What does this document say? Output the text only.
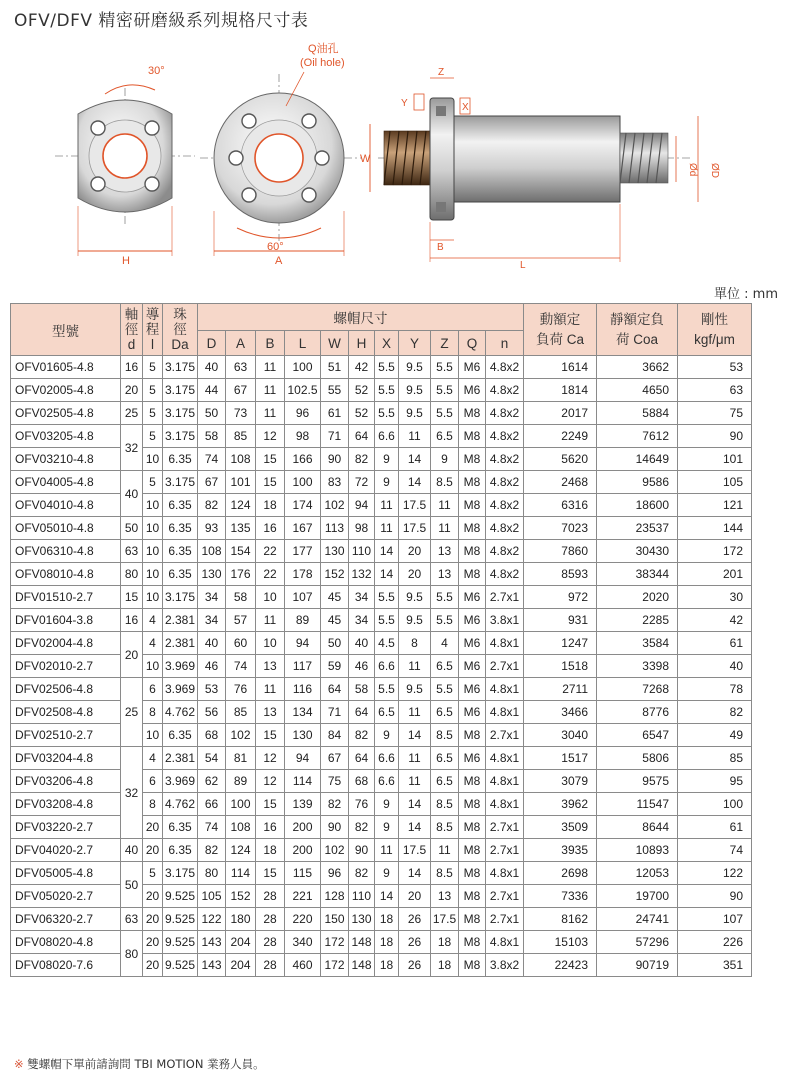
OFV/DFV 精密研磨級系列規格尺寸表
30°
H
60°
Q油孔
(Oil hole)
A
W
Z
Y	X
B
L
Ød ØD
單位 : mm
型號	軸
徑
d	導
程
l	珠
徑
Da	螺帽尺寸											動額定
負荷 Ca	靜額定負
荷 Coa	剛性
kgf/μm

				D	A	B	L	W	H	X	Y	Z	Q	n			
OFV01605-4.8	16	5	3.175	40	63	11	100	51	42	5.5	9.5	5.5	M6	4.8x2	1614	3662	53
OFV02005-4.8	20	5	3.175	44	67	11	102.5	55	52	5.5	9.5	5.5	M6	4.8x2	1814	4650	63
OFV02505-4.8	25	5	3.175	50	73	11	96	61	52	5.5	9.5	5.5	M8	4.8x2	2017	5884	75
OFV03205-4.8	32	5	3.175	58	85	12	98	71	64	6.6	11	6.5	M8	4.8x2	2249	7612	90
OFV03210-4.8		10	6.35	74	108	15	166	90	82	9	14	9	M8	4.8x2	5620	14649	101
OFV04005-4.8	40	5	3.175	67	101	15	100	83	72	9	14	8.5	M8	4.8x2	2468	9586	105
OFV04010-4.8		10	6.35	82	124	18	174	102	94	11	17.5	11	M8	4.8x2	6316	18600	121
OFV05010-4.8	50	10	6.35	93	135	16	167	113	98	11	17.5	11	M8	4.8x2	7023	23537	144
OFV06310-4.8	63	10	6.35	108	154	22	177	130	110	14	20	13	M8	4.8x2	7860	30430	172
OFV08010-4.8	80	10	6.35	130	176	22	178	152	132	14	20	13	M8	4.8x2	8593	38344	201
DFV01510-2.7	15	10	3.175	34	58	10	107	45	34	5.5	9.5	5.5	M6	2.7x1	972	2020	30
DFV01604-3.8	16	4	2.381	34	57	11	89	45	34	5.5	9.5	5.5	M6	3.8x1	931	2285	42
DFV02004-4.8	20	4	2.381	40	60	10	94	50	40	4.5	8	4	M6	4.8x1	1247	3584	61
DFV02010-2.7		10	3.969	46	74	13	117	59	46	6.6	11	6.5	M6	2.7x1	1518	3398	40
DFV02506-4.8	25	6	3.969	53	76	11	116	64	58	5.5	9.5	5.5	M6	4.8x1	2711	7268	78
DFV02508-4.8		8	4.762	56	85	13	134	71	64	6.5	11	6.5	M6	4.8x1	3466	8776	82
DFV02510-2.7		10	6.35	68	102	15	130	84	82	9	14	8.5	M8	2.7x1	3040	6547	49
DFV03204-4.8	32	4	2.381	54	81	12	94	67	64	6.6	11	6.5	M6	4.8x1	1517	5806	85
DFV03206-4.8		6	3.969	62	89	12	114	75	68	6.6	11	6.5	M8	4.8x1	3079	9575	95
DFV03208-4.8		8	4.762	66	100	15	139	82	76	9	14	8.5	M8	4.8x1	3962	11547	100
DFV03220-2.7		20	6.35	74	108	16	200	90	82	9	14	8.5	M8	2.7x1	3509	8644	61
DFV04020-2.7	40	20	6.35	82	124	18	200	102	90	11	17.5	11	M8	2.7x1	3935	10893	74
DFV05005-4.8	50	5	3.175	80	114	15	115	96	82	9	14	8.5	M8	4.8x1	2698	12053	122
DFV05020-2.7		20	9.525	105	152	28	221	128	110	14	20	13	M8	2.7x1	7336	19700	90
DFV06320-2.7	63	20	9.525	122	180	28	220	150	130	18	26	17.5	M8	2.7x1	8162	24741	107
DFV08020-4.8	80	20	9.525	143	204	28	340	172	148	18	26	18	M8	4.8x1	15103	57296	226
DFV08020-7.6		20	9.525	143	204	28	460	172	148	18	26	18	M8	3.8x2	22423	90719	351
※ 雙螺帽下單前請詢問 TBI MOTION 業務人員。
